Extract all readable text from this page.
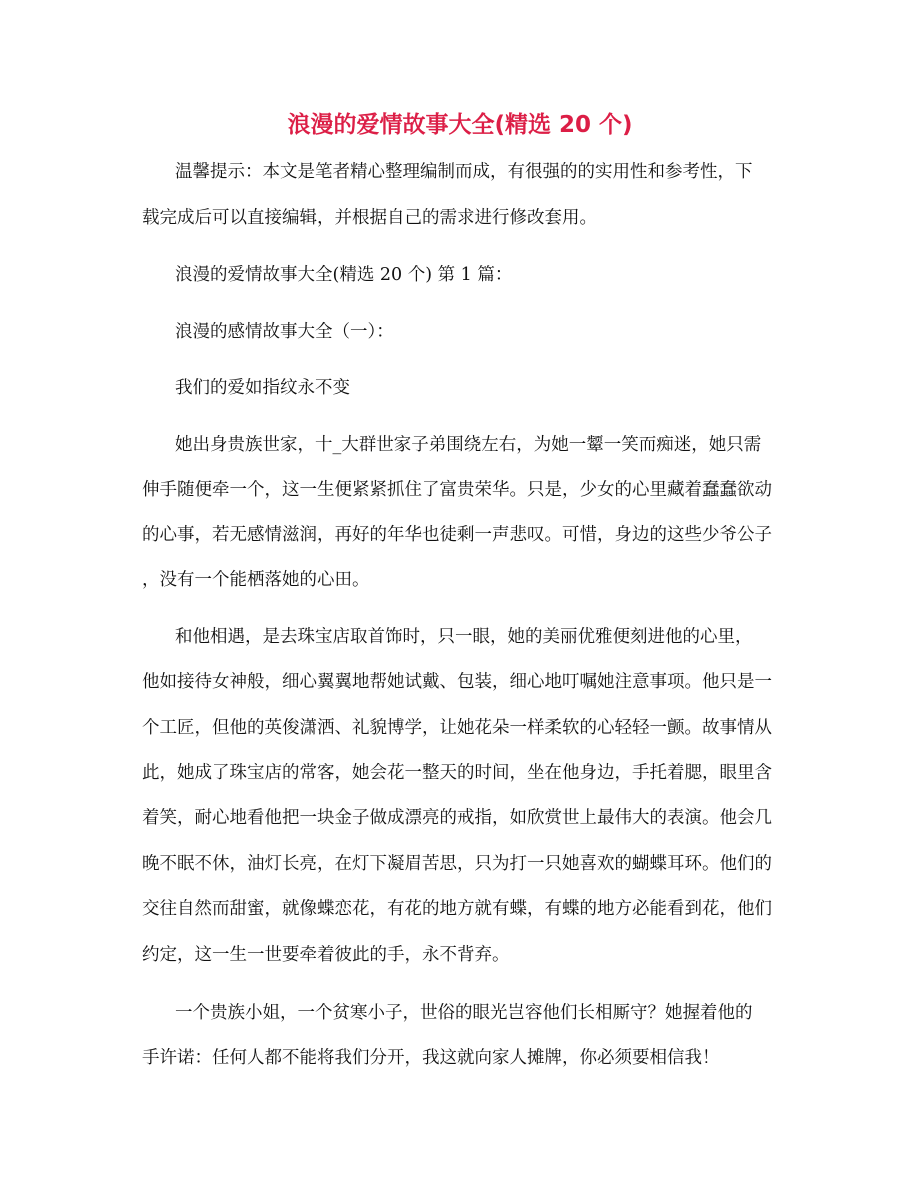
浪漫的爱情故事大全(精选 20 个)
温馨提示：本文是笔者精心整理编制而成，有很强的的实用性和参考性，下
载完成后可以直接编辑，并根据自己的需求进行修改套用。
浪漫的爱情故事大全(精选 20 个) 第 1 篇：
浪漫的感情故事大全（一）：
我们的爱如指纹永不变
她出身贵族世家，十_大群世家子弟围绕左右，为她一颦一笑而痴迷，她只需
伸手随便牵一个，这一生便紧紧抓住了富贵荣华。只是，少女的心里藏着蠢蠢欲动
的心事，若无感情滋润，再好的年华也徒剩一声悲叹。可惜，身边的这些少爷公子
，没有一个能栖落她的心田。
和他相遇，是去珠宝店取首饰时，只一眼，她的美丽优雅便刻进他的心里，
他如接待女神般，细心翼翼地帮她试戴、包装，细心地叮嘱她注意事项。他只是一
个工匠，但他的英俊潇洒、礼貌博学，让她花朵一样柔软的心轻轻一颤。故事情从
此，她成了珠宝店的常客，她会花一整天的时间，坐在他身边，手托着腮，眼里含
着笑，耐心地看他把一块金子做成漂亮的戒指，如欣赏世上最伟大的表演。他会几
晚不眠不休，油灯长亮，在灯下凝眉苦思，只为打一只她喜欢的蝴蝶耳环。他们的
交往自然而甜蜜，就像蝶恋花，有花的地方就有蝶，有蝶的地方必能看到花，他们
约定，这一生一世要牵着彼此的手，永不背弃。
一个贵族小姐，一个贫寒小子，世俗的眼光岂容他们长相厮守？她握着他的
手许诺：任何人都不能将我们分开，我这就向家人摊牌，你必须要相信我！
